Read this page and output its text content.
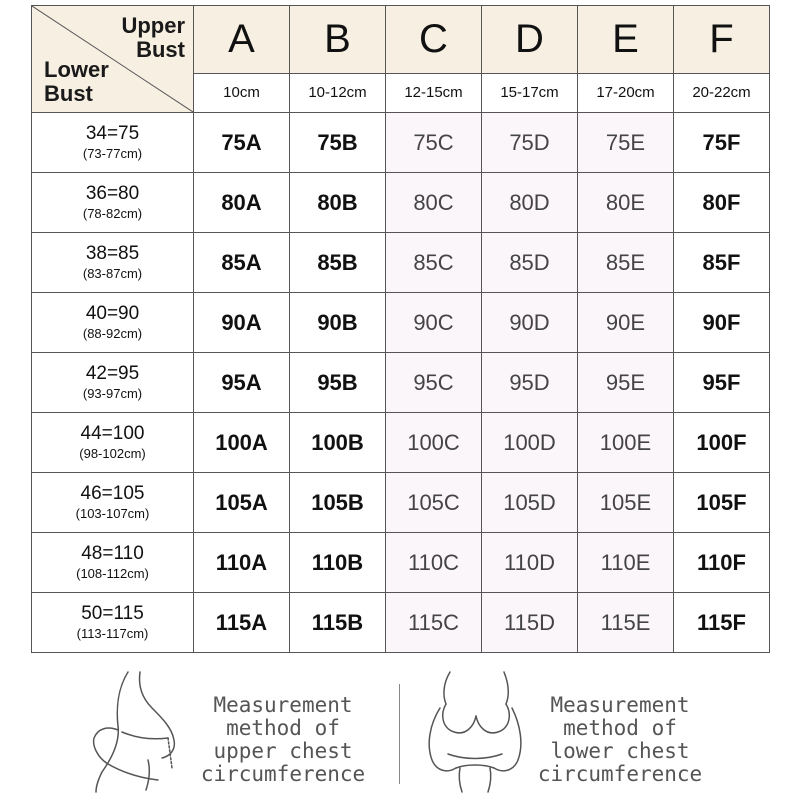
Upper
Bust
Lower
Bust	A	B	C	D	E	F
	10cm	10-12cm	12-15cm	15-17cm	17-20cm	20-22cm

34=75
(73-77cm)	75A	75B	75C	75D	75E	75F

36=80
(78-82cm)	80A	80B	80C	80D	80E	80F

38=85
(83-87cm)	85A	85B	85C	85D	85E	85F

40=90
(88-92cm)	90A	90B	90C	90D	90E	90F

42=95
(93-97cm)	95A	95B	95C	95D	95E	95F

44=100
(98-102cm)	100A	100B	100C	100D	100E	100F

46=105
(103-107cm)	105A	105B	105C	105D	105E	105F

48=110
(108-112cm)	110A	110B	110C	110D	110E	110F

50=115
(113-117cm)	115A	115B	115C	115D	115E	115F
Measurement
method of
upper chest
circumference
Measurement
method of
lower chest
circumference
